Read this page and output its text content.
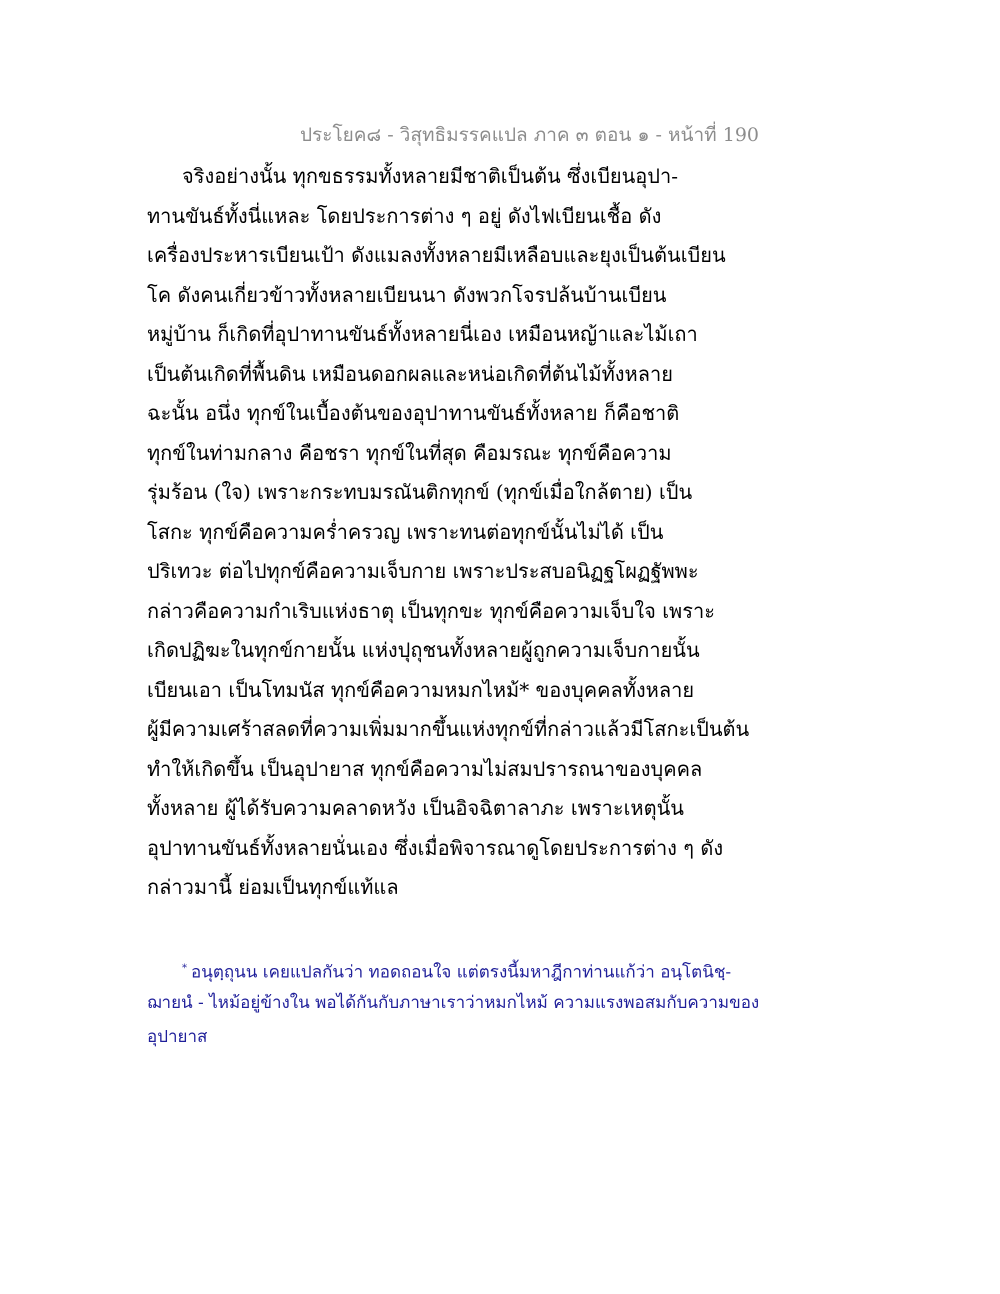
ประโยค๘ - วิสุทธิมรรคแปล ภาค ๓ ตอน ๑ - หน้าที่ 190
จริงอย่างนั้น ทุกขธรรมทั้งหลายมีชาติเป็นต้น ซึ่งเบียนอุปา-
ทานขันธ์ทั้งนี่แหละ โดยประการต่าง ๆ อยู่ ดังไฟเบียนเชื้อ ดัง
เครื่องประหารเบียนเป้า ดังแมลงทั้งหลายมีเหลือบและยุงเป็นต้นเบียน
โค ดังคนเกี่ยวข้าวทั้งหลายเบียนนา ดังพวกโจรปล้นบ้านเบียน
หมู่บ้าน ก็เกิดที่อุปาทานขันธ์ทั้งหลายนี่เอง เหมือนหญ้าและไม้เถา
เป็นต้นเกิดที่พื้นดิน เหมือนดอกผลและหน่อเกิดที่ต้นไม้ทั้งหลาย
ฉะนั้น อนึ่ง ทุกข์ในเบื้องต้นของอุปาทานขันธ์ทั้งหลาย ก็คือชาติ
ทุกข์ในท่ามกลาง คือชรา ทุกข์ในที่สุด คือมรณะ ทุกข์คือความ
รุ่มร้อน (ใจ) เพราะกระทบมรณันติกทุกข์ (ทุกข์เมื่อใกล้ตาย) เป็น
โสกะ ทุกข์คือความคร่ำครวญ เพราะทนต่อทุกข์นั้นไม่ได้ เป็น
ปริเทวะ ต่อไปทุกข์คือความเจ็บกาย เพราะประสบอนิฏฐโผฏฐัพพะ
กล่าวคือความกำเริบแห่งธาตุ เป็นทุกขะ ทุกข์คือความเจ็บใจ เพราะ
เกิดปฏิฆะในทุกข์กายนั้น แห่งปุถุชนทั้งหลายผู้ถูกความเจ็บกายนั้น
เบียนเอา เป็นโทมนัส ทุกข์คือความหมกไหม้* ของบุคคลทั้งหลาย
ผู้มีความเศร้าสลดที่ความเพิ่มมากขึ้นแห่งทุกข์ที่กล่าวแล้วมีโสกะเป็นต้น
ทำให้เกิดขึ้น เป็นอุปายาส ทุกข์คือความไม่สมปรารถนาของบุคคล
ทั้งหลาย ผู้ได้รับความคลาดหวัง เป็นอิจฉิตาลาภะ เพราะเหตุนั้น
อุปาทานขันธ์ทั้งหลายนั่นเอง ซึ่งเมื่อพิจารณาดูโดยประการต่าง ๆ ดัง
กล่าวมานี้ ย่อมเป็นทุกข์แท้แล
* อนุตฺถุนน เคยแปลกันว่า ทอดถอนใจ แต่ตรงนี้มหาฎีกาท่านแก้ว่า อนฺโตนิชฺ-
ฌายนํ - ไหม้อยู่ข้างใน พอได้กันกับภาษาเราว่าหมกไหม้ ความแรงพอสมกับความของ
อุปายาส
